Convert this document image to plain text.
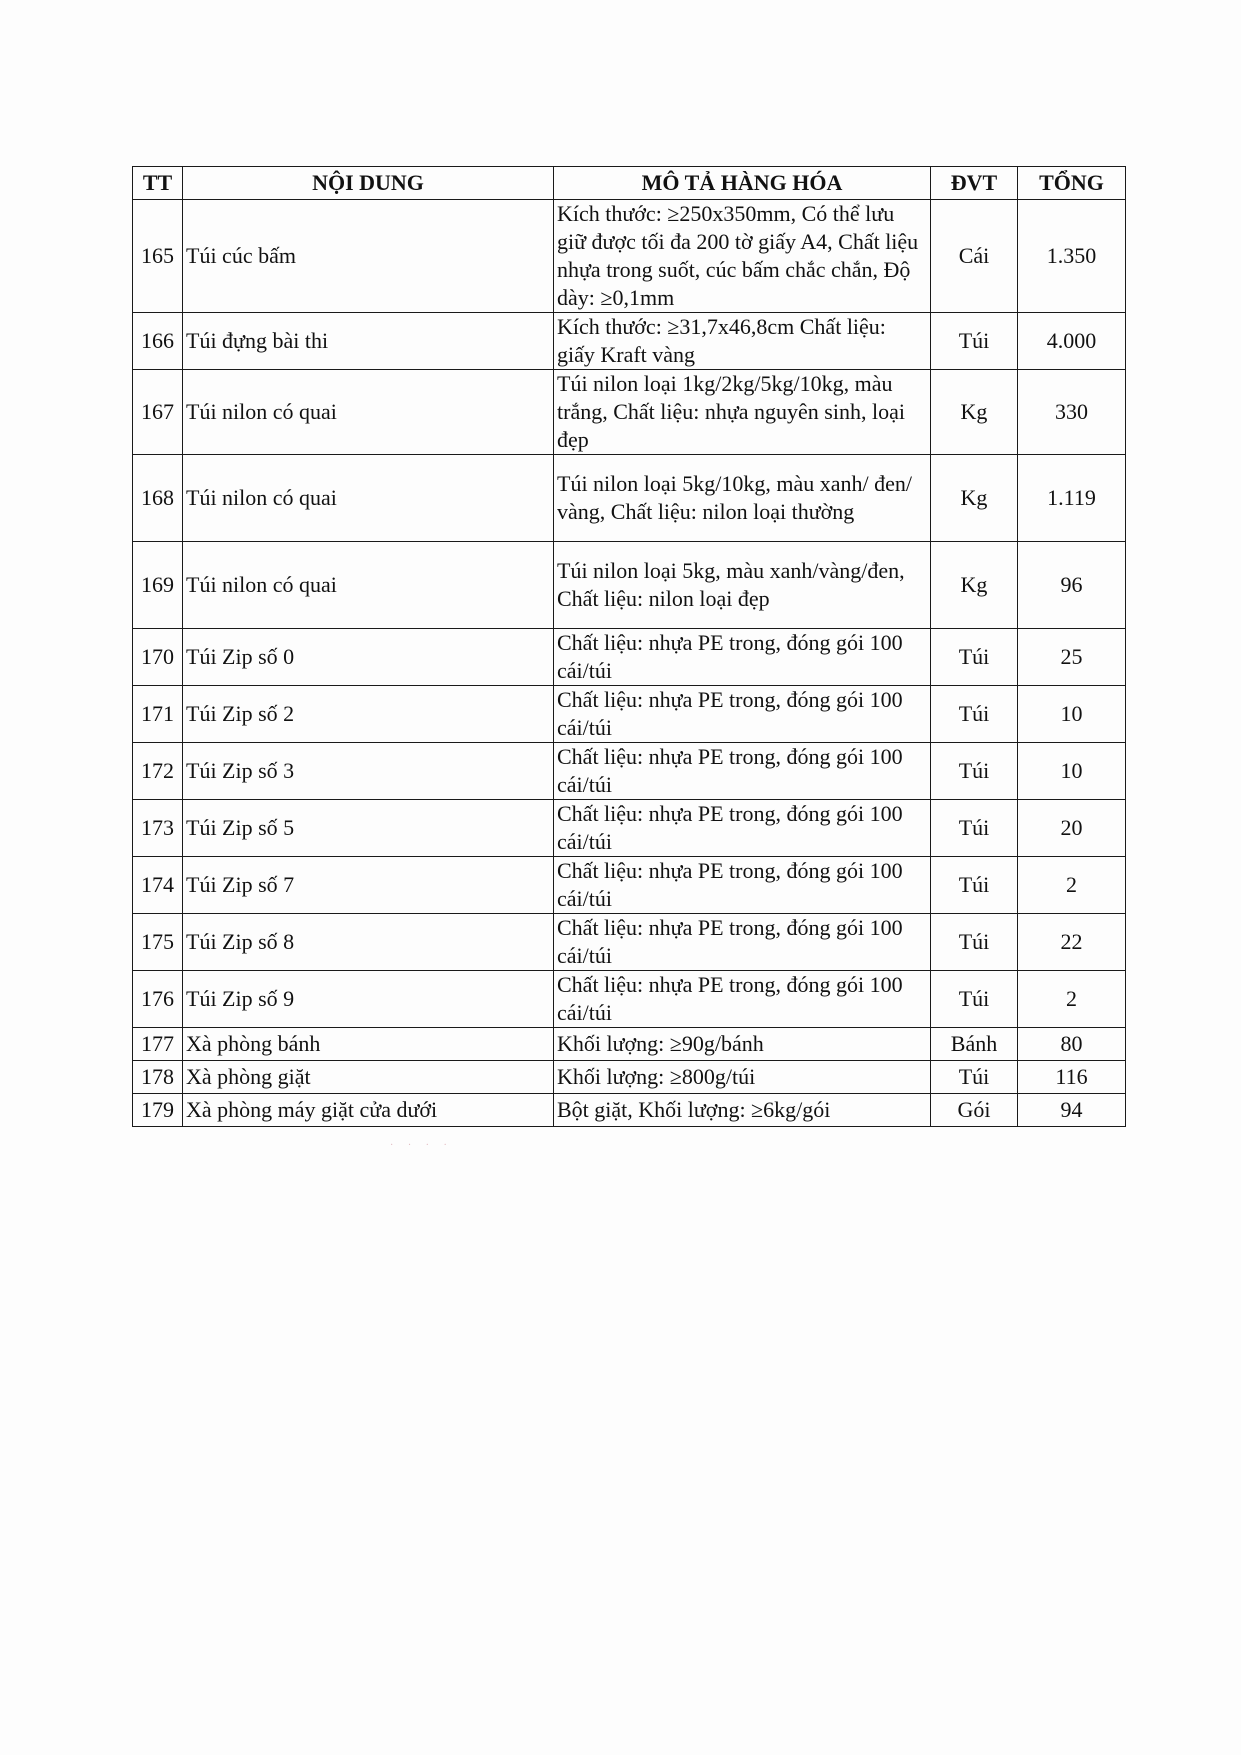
TT	NỘI DUNG	MÔ TẢ HÀNG HÓA	ĐVT	TỔNG
165	Túi cúc bấm	Kích thước: ≥250x350mm, Có thể lưu giữ được tối đa 200 tờ giấy A4, Chất liệu nhựa trong suốt, cúc bấm chắc chắn, Độ dày: ≥0,1mm	Cái	1.350
166	Túi đựng bài thi	Kích thước: ≥31,7x46,8cm Chất liệu: giấy Kraft vàng	Túi	4.000
167	Túi nilon có quai	Túi nilon loại 1kg/2kg/5kg/10kg, màu trắng, Chất liệu: nhựa nguyên sinh, loại đẹp	Kg	330
168	Túi nilon có quai	Túi nilon loại 5kg/10kg, màu xanh/ đen/ vàng, Chất liệu: nilon loại thường	Kg	1.119
169	Túi nilon có quai	Túi nilon loại 5kg, màu xanh/vàng/đen, Chất liệu: nilon loại đẹp	Kg	96
170	Túi Zip số 0	Chất liệu: nhựa PE trong, đóng gói 100 cái/túi	Túi	25
171	Túi Zip số 2	Chất liệu: nhựa PE trong, đóng gói 100 cái/túi	Túi	10
172	Túi Zip số 3	Chất liệu: nhựa PE trong, đóng gói 100 cái/túi	Túi	10
173	Túi Zip số 5	Chất liệu: nhựa PE trong, đóng gói 100 cái/túi	Túi	20
174	Túi Zip số 7	Chất liệu: nhựa PE trong, đóng gói 100 cái/túi	Túi	2
175	Túi Zip số 8	Chất liệu: nhựa PE trong, đóng gói 100 cái/túi	Túi	22
176	Túi Zip số 9	Chất liệu: nhựa PE trong, đóng gói 100 cái/túi	Túi	2
177	Xà phòng bánh	Khối lượng: ≥90g/bánh	Bánh	80
178	Xà phòng giặt	Khối lượng: ≥800g/túi	Túi	116
179	Xà phòng máy giặt cửa dưới	Bột giặt, Khối lượng: ≥6kg/gói	Gói	94
· · · ·
